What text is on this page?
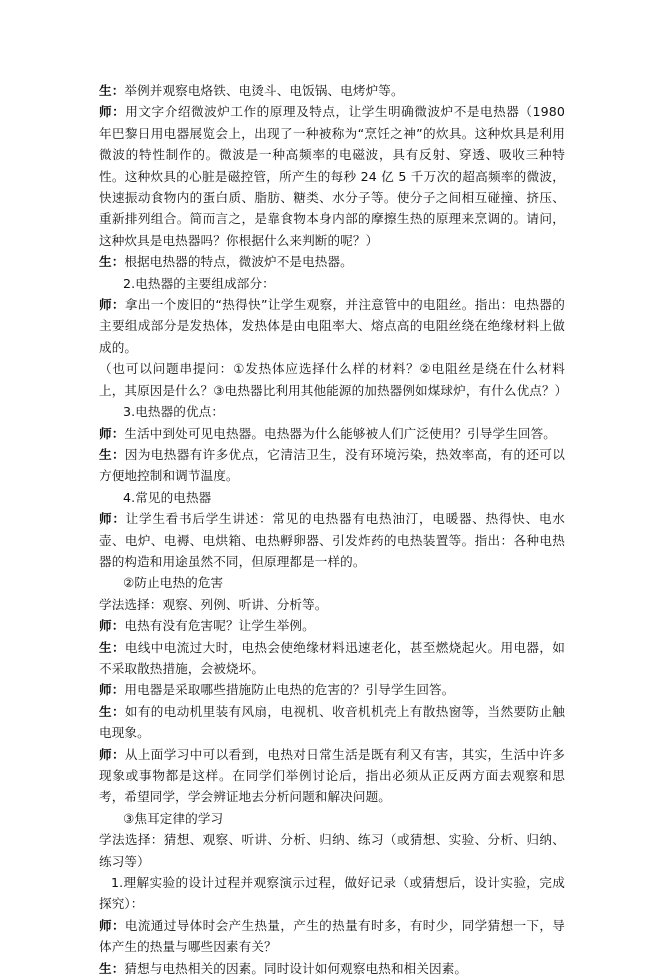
生：举例并观察电烙铁、电烫斗、电饭锅、电烤炉等。

师：用文字介绍微波炉工作的原理及特点，让学生明确微波炉不是电热器（1980 年巴黎日用电器展览会上，出现了一种被称为“烹饪之神”的炊具。这种炊具是利用微波的特性制作的。微波是一种高频率的电磁波，具有反射、穿透、吸收三种特性。这种炊具的心脏是磁控管，所产生的每秒 24 亿 5 千万次的超高频率的微波，快速振动食物内的蛋白质、脂肪、糖类、水分子等。使分子之间相互碰撞、挤压、重新排列组合。简而言之，是靠食物本身内部的摩擦生热的原理来烹调的。请问，这种炊具是电热器吗？你根据什么来判断的呢？）

生：根据电热器的特点，微波炉不是电热器。

2.电热器的主要组成部分：

师：拿出一个废旧的“热得快”让学生观察，并注意管中的电阻丝。指出：电热器的主要组成部分是发热体，发热体是由电阻率大、熔点高的电阻丝绕在绝缘材料上做成的。

（也可以问题串提问：①发热体应选择什么样的材料？②电阻丝是绕在什么材料上，其原因是什么？③电热器比利用其他能源的加热器例如煤球炉，有什么优点？）

3.电热器的优点：

师：生活中到处可见电热器。电热器为什么能够被人们广泛使用？引导学生回答。

生：因为电热器有许多优点，它清洁卫生，没有环境污染，热效率高，有的还可以方便地控制和调节温度。

4.常见的电热器

师：让学生看书后学生讲述：常见的电热器有电热油汀，电暖器、热得快、电水壶、电炉、电褥、电烘箱、电热孵卵器、引发炸药的电热装置等。指出：各种电热器的构造和用途虽然不同，但原理都是一样的。

②防止电热的危害

学法选择：观察、列例、听讲、分析等。

师：电热有没有危害呢？让学生举例。

生：电线中电流过大时，电热会使绝缘材料迅速老化，甚至燃烧起火。用电器，如不采取散热措施，会被烧坏。

师：用电器是采取哪些措施防止电热的危害的？引导学生回答。

生：如有的电动机里装有风扇，电视机、收音机机壳上有散热窗等，当然要防止触电现象。

师：从上面学习中可以看到，电热对日常生活是既有利又有害，其实，生活中许多现象或事物都是这样。在同学们举例讨论后，指出必须从正反两方面去观察和思考，希望同学，学会辨证地去分析问题和解决问题。

③焦耳定律的学习

学法选择：猜想、观察、听讲、分析、归纳、练习（或猜想、实验、分析、归纳、练习等）

1.理解实验的设计过程并观察演示过程，做好记录（或猜想后，设计实验，完成探究）：

师：电流通过导体时会产生热量，产生的热量有时多，有时少，同学猜想一下，导体产生的热量与哪些因素有关？

生：猜想与电热相关的因素。同时设计如何观察电热和相关因素。
